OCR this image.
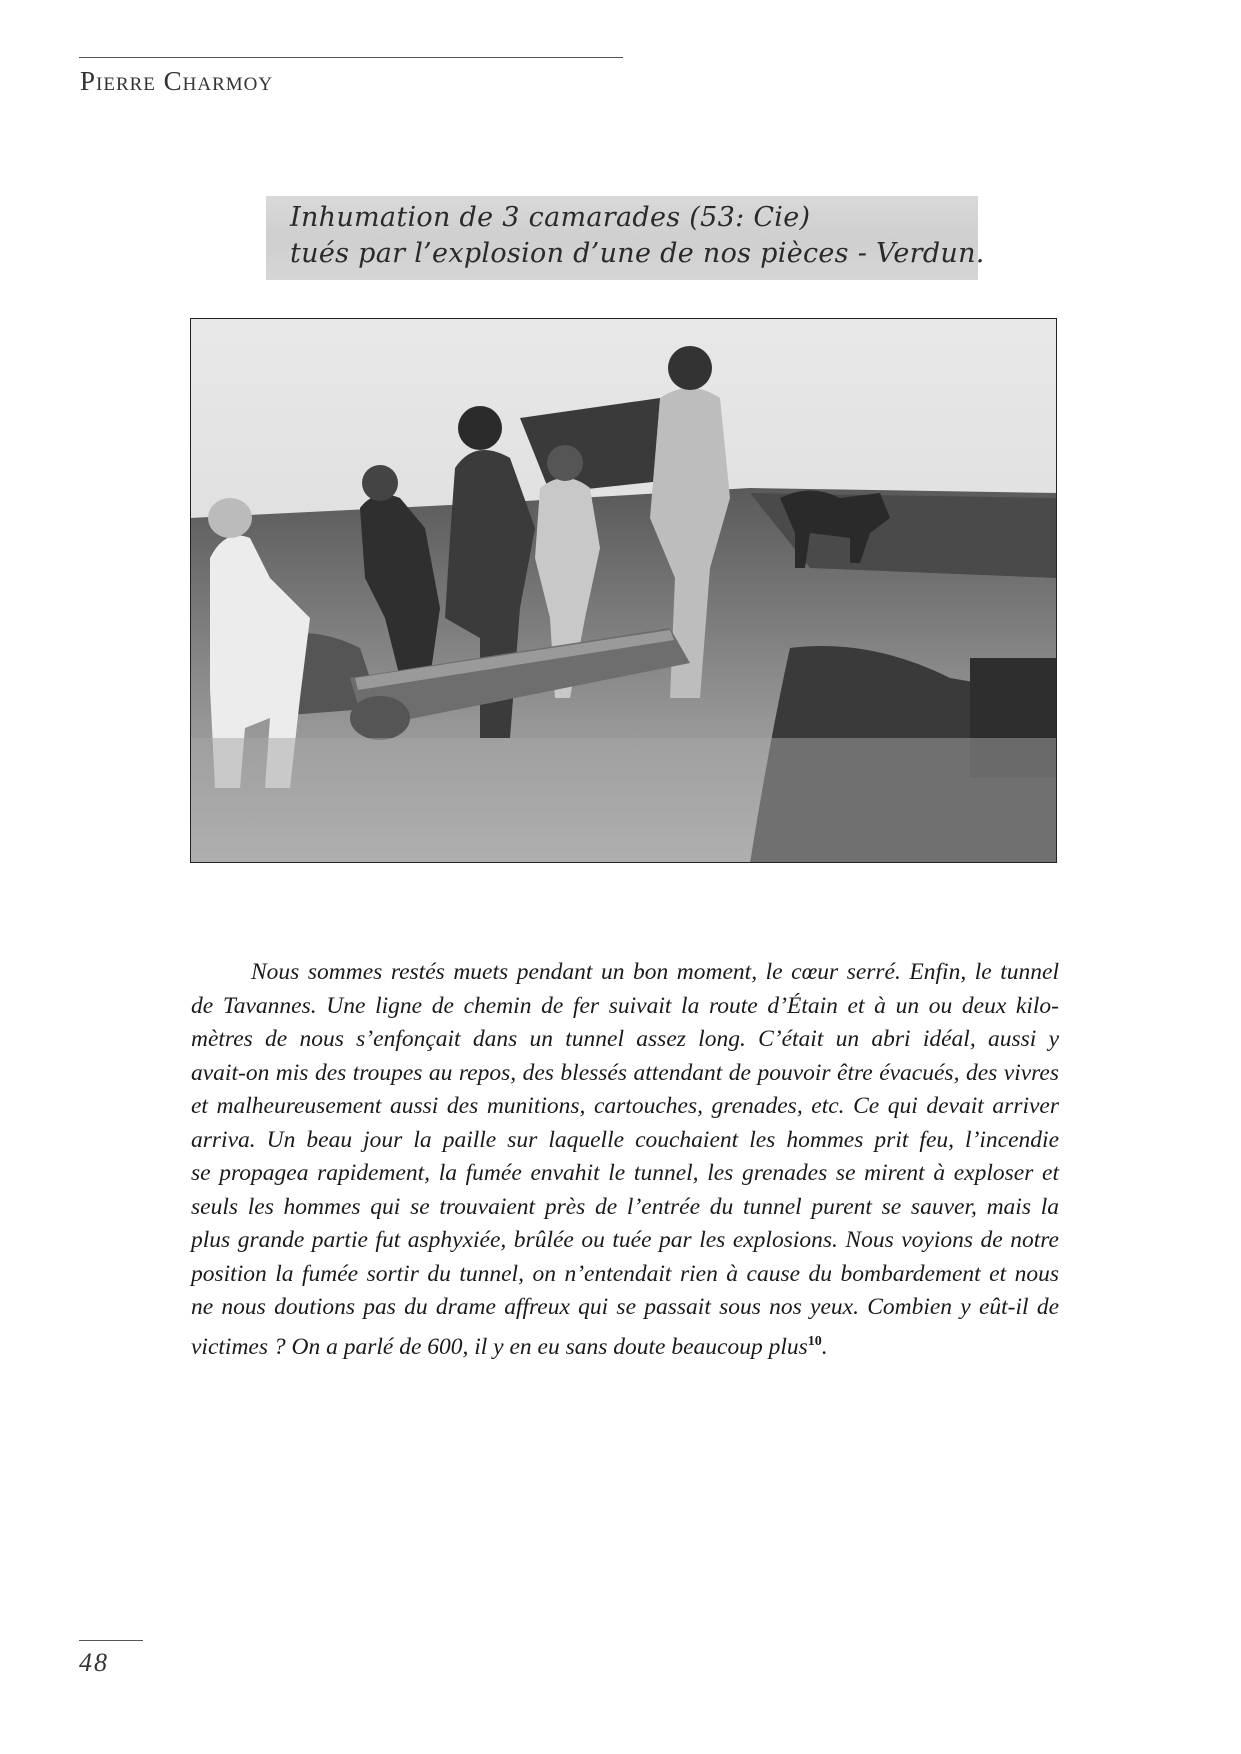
Pierre Charmoy
Inhumation de 3 camarades (53: Cie)
tués par l’explosion d’une de nos pièces - Verdun.
Nous sommes restés muets pendant un bon moment, le cœur serré. Enfin, le tunnel
de Tavannes. Une ligne de chemin de fer suivait la route d’Étain et à un ou deux kilo-
mètres de nous s’enfonçait dans un tunnel assez long. C’était un abri idéal, aussi y
avait-on mis des troupes au repos, des blessés attendant de pouvoir être évacués, des vivres
et malheureusement aussi des munitions, cartouches, grenades, etc. Ce qui devait arriver
arriva. Un beau jour la paille sur laquelle couchaient les hommes prit feu, l’incendie
se propagea rapidement, la fumée envahit le tunnel, les grenades se mirent à exploser et
seuls les hommes qui se trouvaient près de l’entrée du tunnel purent se sauver, mais la
plus grande partie fut asphyxiée, brûlée ou tuée par les explosions. Nous voyions de notre
position la fumée sortir du tunnel, on n’entendait rien à cause du bombardement et nous
ne nous doutions pas du drame affreux qui se passait sous nos yeux. Combien y eût-il de
victimes ? On a parlé de 600, il y en eu sans doute beaucoup plus$^{10}$.
48
